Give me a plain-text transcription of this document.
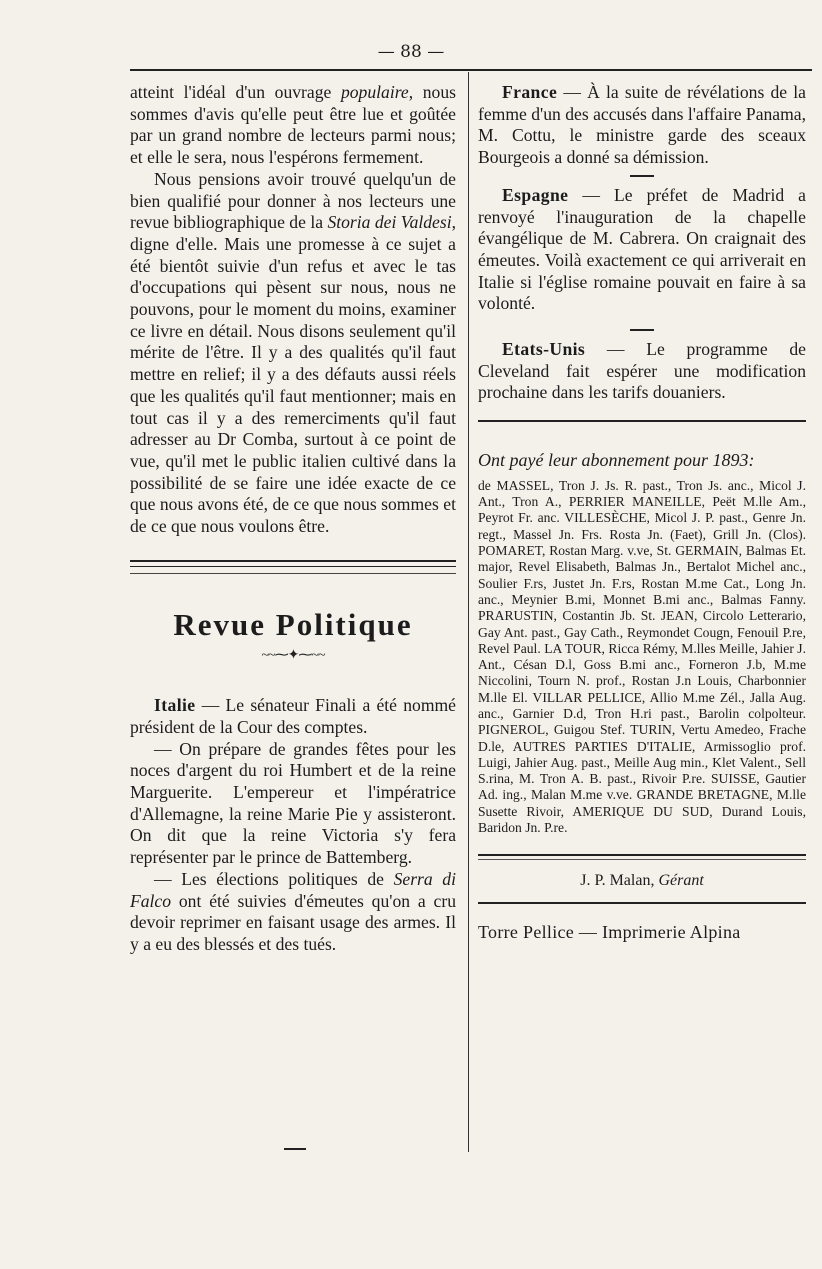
— 88 —

atteint l'idéal d'un ouvrage populaire, nous sommes d'avis qu'elle peut être lue et goûtée par un grand nombre de lecteurs parmi nous; et elle le sera, nous l'espérons fermement.

Nous pensions avoir trouvé quelqu'un de bien qualifié pour donner à nos lecteurs une revue bibliographique de la Storia dei Valdesi, digne d'elle. Mais une promesse à ce sujet a été bientôt suivie d'un refus et avec le tas d'occupations qui pèsent sur nous, nous ne pouvons, pour le moment du moins, examiner ce livre en détail. Nous disons seulement qu'il mérite de l'être. Il y a des qualités qu'il faut mettre en relief; il y a des défauts aussi réels que les qualités qu'il faut mentionner; mais en tout cas il y a des remerciments qu'il faut adresser au Dr Comba, surtout à ce point de vue, qu'il met le public italien cultivé dans la possibilité de se faire une idée exacte de ce que nous avons été, de ce que nous sommes et de ce que nous voulons être.

Revue Politique
~~⁓✦⁓~~

Italie — Le sénateur Finali a été nommé président de la Cour des comptes.

— On prépare de grandes fêtes pour les noces d'argent du roi Humbert et de la reine Marguerite. L'empereur et l'impératrice d'Allemagne, la reine Marie Pie y assisteront. On dit que la reine Victoria s'y fera représenter par le prince de Battemberg.

— Les élections politiques de Serra di Falco ont été suivies d'émeutes qu'on a cru devoir reprimer en faisant usage des armes. Il y a eu des blessés et des tués.

France — À la suite de révélations de la femme d'un des accusés dans l'affaire Panama, M. Cottu, le ministre garde des sceaux Bourgeois a donné sa démission.

Espagne — Le préfet de Madrid a renvoyé l'inauguration de la chapelle évangélique de M. Cabrera. On craignait des émeutes. Voilà exactement ce qui arriverait en Italie si l'église romaine pouvait en faire à sa volonté.

Etats-Unis — Le programme de Cleveland fait espérer une modification prochaine dans les tarifs douaniers.

Ont payé leur abonnement pour 1893:

de MASSEL, Tron J. Js. R. past., Tron Js. anc., Micol J. Ant., Tron A., PERRIER MANEILLE, Peët M.lle Am., Peyrot Fr. anc. VILLESÈCHE, Micol J. P. past., Genre Jn. regt., Massel Jn. Frs. Rosta Jn. (Faet), Grill Jn. (Clos). POMARET, Rostan Marg. v.ve, St. GERMAIN, Balmas Et. major, Revel Elisabeth, Balmas Jn., Bertalot Michel anc., Soulier F.rs, Justet Jn. F.rs, Rostan M.me Cat., Long Jn. anc., Meynier B.mi, Monnet B.mi anc., Balmas Fanny. PRARUSTIN, Costantin Jb. St. JEAN, Circolo Letterario, Gay Ant. past., Gay Cath., Reymondet Cougn, Fenouil P.re, Revel Paul. LA TOUR, Ricca Rémy, M.lles Meille, Jahier J. Ant., Césan D.l, Goss B.mi anc., Forneron J.b, M.me Niccolini, Tourn N. prof., Rostan J.n Louis, Charbonnier M.lle El. VILLAR PELLICE, Allio M.me Zél., Jalla Aug. anc., Garnier D.d, Tron H.ri past., Barolin colpolteur. PIGNEROL, Guigou Stef. TURIN, Vertu Amedeo, Frache D.le, AUTRES PARTIES D'ITALIE, Armissoglio prof. Luigi, Jahier Aug. past., Meille Aug min., Klet Valent., Sell S.rina, M. Tron A. B. past., Rivoir P.re. SUISSE, Gautier Ad. ing., Malan M.me v.ve. GRANDE BRETAGNE, M.lle Susette Rivoir, AMERIQUE DU SUD, Durand Louis, Baridon Jn. P.re.

J. P. Malan, Gérant
Torre Pellice — Imprimerie Alpina
